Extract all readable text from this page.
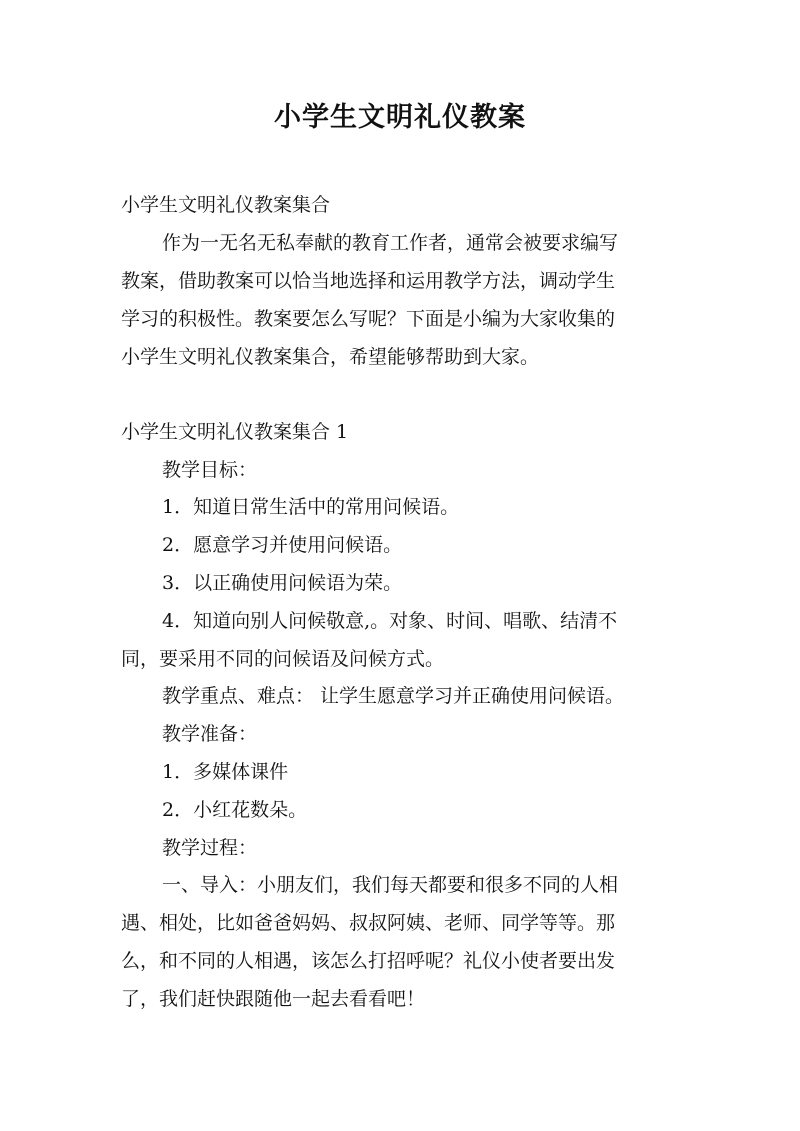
小学生文明礼仪教案
小学生文明礼仪教案集合
作为一无名无私奉献的教育工作者，通常会被要求编写
教案，借助教案可以恰当地选择和运用教学方法，调动学生
学习的积极性。教案要怎么写呢？下面是小编为大家收集的
小学生文明礼仪教案集合，希望能够帮助到大家。
小学生文明礼仪教案集合 1
教学目标：
1．知道日常生活中的常用问候语。
2．愿意学习并使用问候语。
3．以正确使用问候语为荣。
4．知道向别人问候敬意,。对象、时间、唱歌、结清不
同，要采用不同的问候语及问候方式。
教学重点、难点： 让学生愿意学习并正确使用问候语。
教学准备：
1．多媒体课件
2．小红花数朵。
教学过程：
一、导入：小朋友们，我们每天都要和很多不同的人相
遇、相处，比如爸爸妈妈、叔叔阿姨、老师、同学等等。那
么，和不同的人相遇，该怎么打招呼呢？礼仪小使者要出发
了，我们赶快跟随他一起去看看吧！
